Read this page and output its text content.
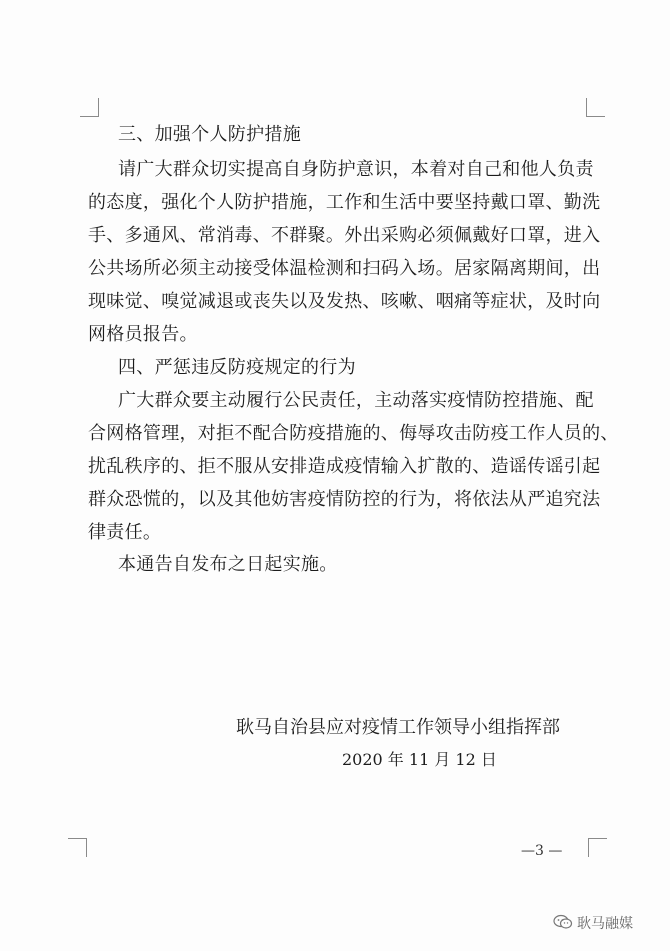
三、加强个人防护措施
请广大群众切实提高自身防护意识，本着对自己和他人负责
的态度，强化个人防护措施，工作和生活中要坚持戴口罩、勤洗
手、多通风、常消毒、不群聚。外出采购必须佩戴好口罩，进入
公共场所必须主动接受体温检测和扫码入场。居家隔离期间，出
现味觉、嗅觉减退或丧失以及发热、咳嗽、咽痛等症状，及时向
网格员报告。
四、严惩违反防疫规定的行为
广大群众要主动履行公民责任，主动落实疫情防控措施、配
合网格管理，对拒不配合防疫措施的、侮辱攻击防疫工作人员的、
扰乱秩序的、拒不服从安排造成疫情输入扩散的、造谣传谣引起
群众恐慌的，以及其他妨害疫情防控的行为，将依法从严追究法
律责任。
本通告自发布之日起实施。
耿马自治县应对疫情工作领导小组指挥部
2020 年 11 月 12 日
—3 —
耿马融媒
